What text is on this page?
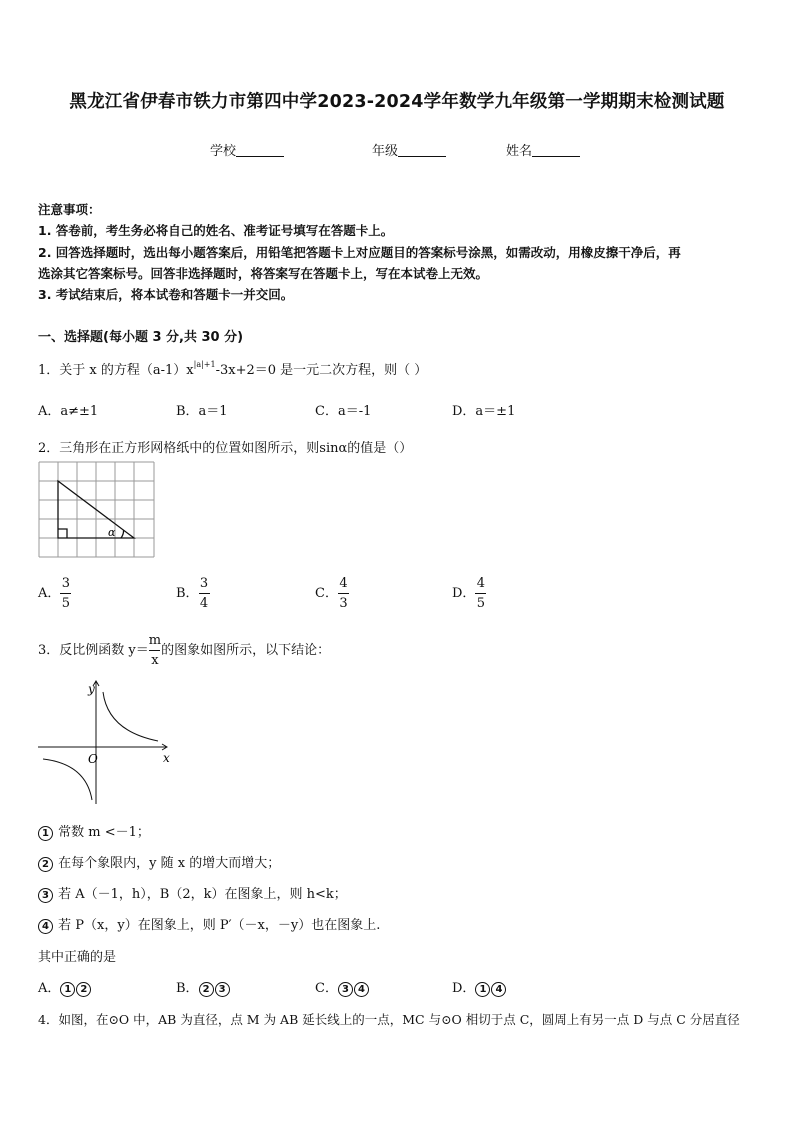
黑龙江省伊春市铁力市第四中学2023-2024学年数学九年级第一学期期末检测试题
学校	年级	姓名
注意事项：
1. 答卷前，考生务必将自己的姓名、准考证号填写在答题卡上。
2. 回答选择题时，选出每小题答案后，用铅笔把答题卡上对应题目的答案标号涂黑，如需改动，用橡皮擦干净后，再
选涂其它答案标号。回答非选择题时，将答案写在答题卡上，写在本试卷上无效。
3. 考试结束后，将本试卷和答题卡一并交回。
一、选择题(每小题 3 分,共 30 分)
1．关于 x 的方程$(a-1)x^{|a|+1}-3x+2=0$ 是一元二次方程，则（ ）
A．a≠±1	B．a＝1	C．a＝-1	D．a＝±1
2．三角形在正方形网格纸中的位置如图所示，则sinα的值是（）
α
A． $\frac{3}{5}$	B． $\frac{3}{4}$	C． $\frac{4}{3}$	D． $\frac{4}{5}$
3．反比例函数 $y= \frac{m}{x}$ 的图象如图所示，以下结论：
y
x
O
1 常数 m <－1；
2 在每个象限内，y 随 x 的增大而增大；
3 若 A（－1，h），B（2，k）在图象上，则 h<k；
4 若 P（x，y）在图象上，则 P′（－x，－y）也在图象上.
其中正确的是
A． 1 2	B． 2 3	C． 3 4	D． 1 4
4．如图，在⊙O 中，AB 为直径，点 M 为 AB 延长线上的一点，MC 与⊙O 相切于点 C，圆周上有另一点 D 与点 C 分居直径
